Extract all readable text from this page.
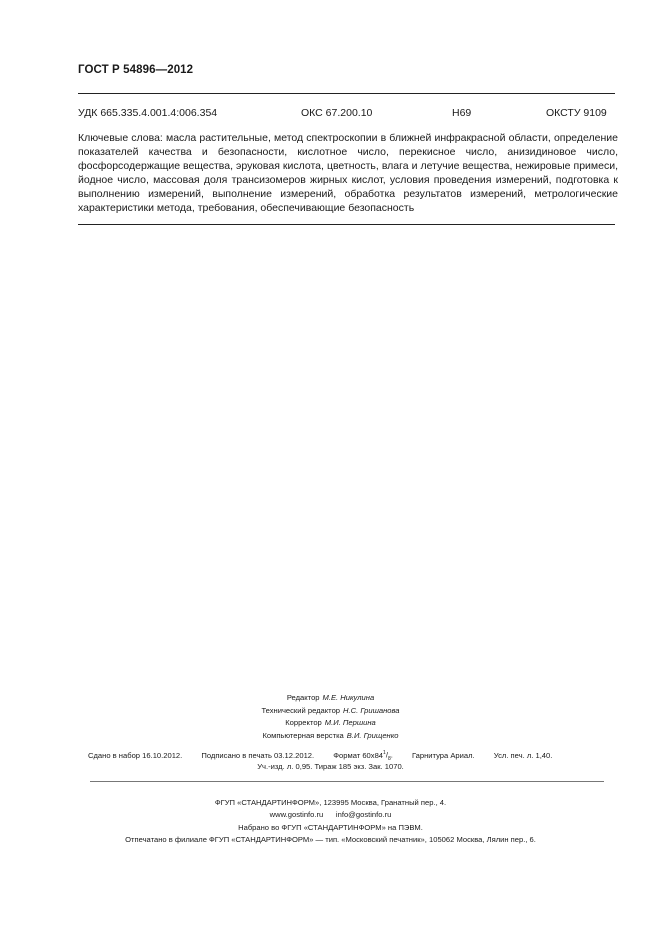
ГОСТ Р 54896—2012
УДК 665.335.4.001.4:006.354	ОКС 67.200.10	Н69	ОКСТУ 9109
Ключевые слова: масла растительные, метод спектроскопии в ближней инфракрасной области, определение показателей качества и безопасности, кислотное число, перекисное число, анизидиновое число, фосфорсодержащие вещества, эруковая кислота, цветность, влага и летучие вещества, нежировые примеси, йодное число, массовая доля трансизомеров жирных кислот, условия проведения измерений, подготовка к выполнению измерений, выполнение измерений, обработка результатов измерений, метрологические характеристики метода, требования, обеспечивающие безопасность
Редактор М.Е. Никулина
Технический редактор Н.С. Гришанова
Корректор М.И. Першина
Компьютерная верстка В.И. Грищенко
Сдано в набор 16.10.2012.	Подписано в печать 03.12.2012.	Формат $60х84^1/_8$.	Гарнитура Ариал.	Усл. печ. л. 1,40.
Уч.-изд. л. 0,95. Тираж 185 экз. Зак. 1070.
ФГУП «СТАНДАРТИНФОРМ», 123995 Москва, Гранатный пер., 4.
www.gostinfo.ru info@gostinfo.ru
Набрано во ФГУП «СТАНДАРТИНФОРМ» на ПЭВМ.
Отпечатано в филиале ФГУП «СТАНДАРТИНФОРМ» — тип. «Московский печатник», 105062 Москва, Лялин пер., 6.
